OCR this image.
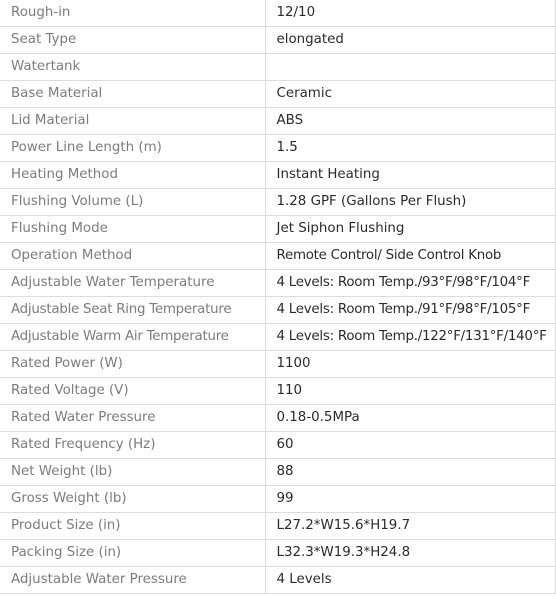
Rough-in	12/10
Seat Type	elongated
Watertank	
Base Material	Ceramic
Lid Material	ABS
Power Line Length (m)	1.5
Heating Method	Instant Heating
Flushing Volume (L)	1.28 GPF (Gallons Per Flush)
Flushing Mode	Jet Siphon Flushing
Operation Method	Remote Control/ Side Control Knob
Adjustable Water Temperature	4 Levels: Room Temp./93°F/98°F/104°F
Adjustable Seat Ring Temperature	4 Levels: Room Temp./91°F/98°F/105°F
Adjustable Warm Air Temperature	4 Levels: Room Temp./122°F/131°F/140°F
Rated Power (W)	1100
Rated Voltage (V)	110
Rated Water Pressure	0.18-0.5MPa
Rated Frequency (Hz)	60
Net Weight (lb)	88
Gross Weight (lb)	99
Product Size (in)	L27.2*W15.6*H19.7
Packing Size (in)	L32.3*W19.3*H24.8
Adjustable Water Pressure	4 Levels
